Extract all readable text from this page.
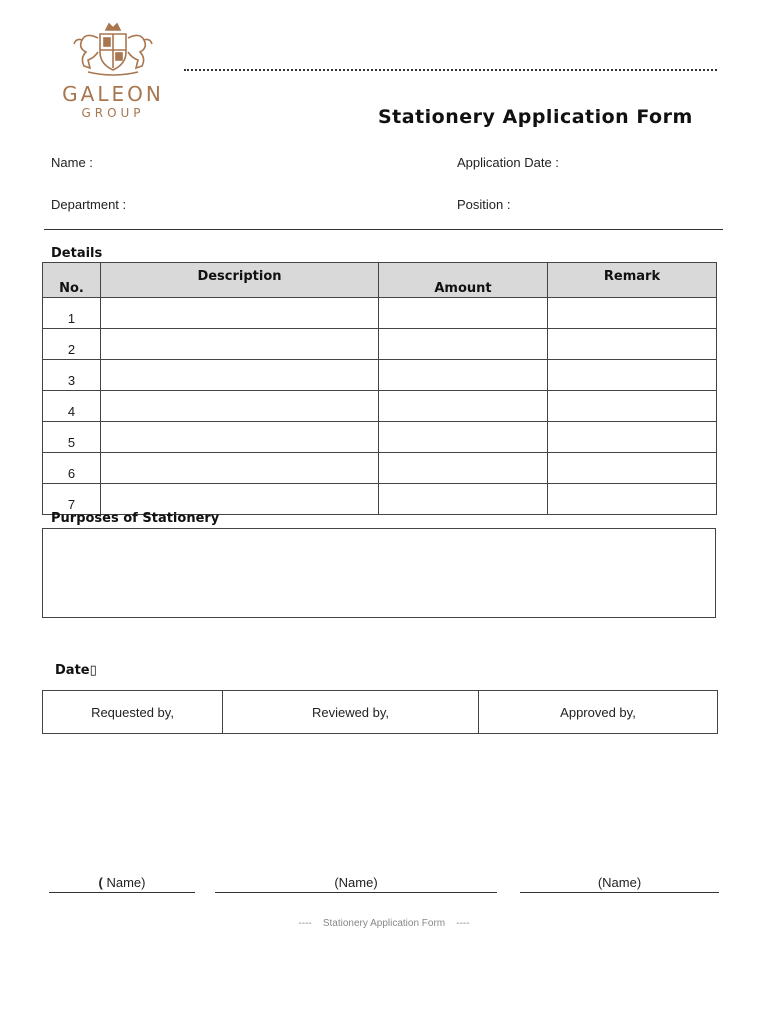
GALEON
GROUP	Stationery Application Form
Name :	Application Date :
Department :	Position :
Details
No.	Description	Amount	Remark
1			
2			
3			
4			
5			
6			
7			
Purposes of Stationery
Date▯
Requested by,	Reviewed by,	Approved by,
( Name)	(Name)	(Name)
----    Stationery Application Form    ----
